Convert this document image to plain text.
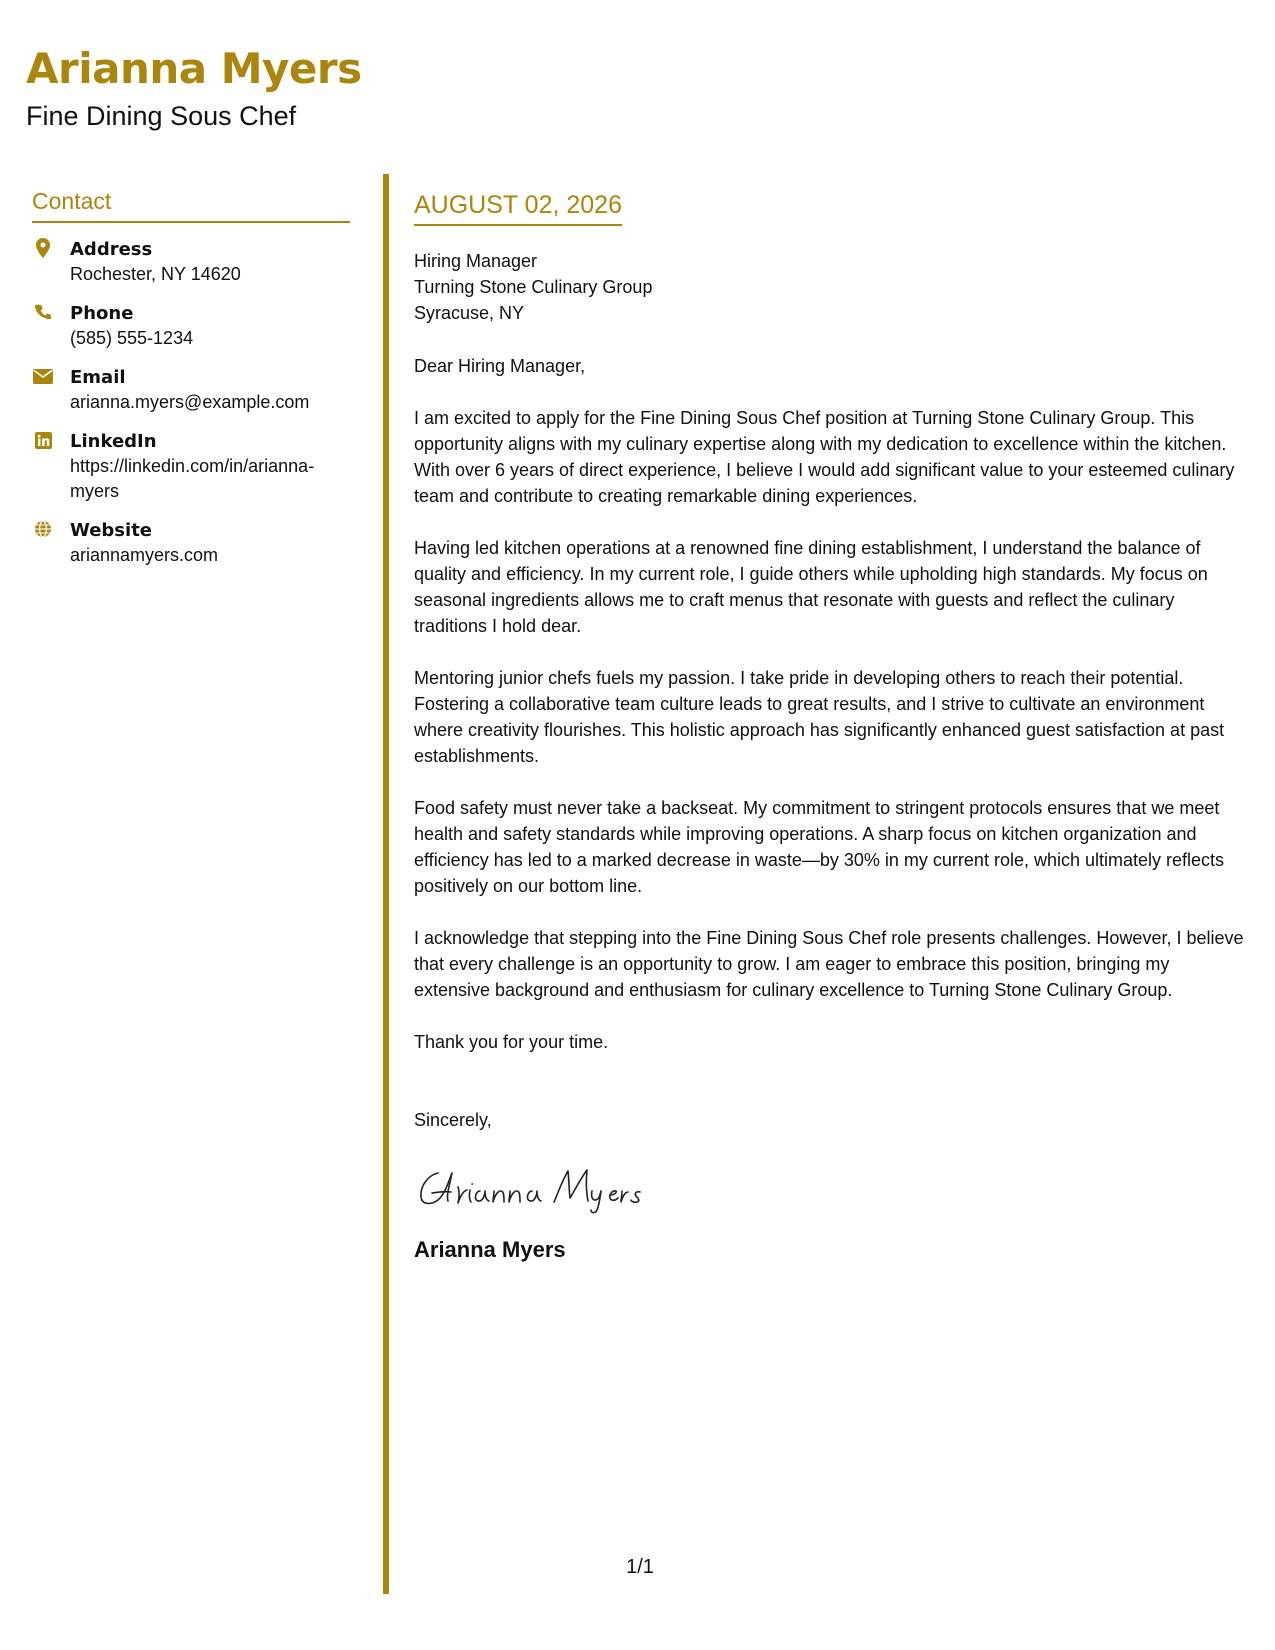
Arianna Myers
Fine Dining Sous Chef
Contact
Address
Rochester, NY 14620
Phone
(585) 555-1234
Email
arianna.myers@example.com
LinkedIn
https://linkedin.com/in/arianna-myers
Website
ariannamyers.com
AUGUST 02, 2026
Hiring Manager
Turning Stone Culinary Group
Syracuse, NY

Dear Hiring Manager,

I am excited to apply for the Fine Dining Sous Chef position at Turning Stone Culinary Group. This opportunity aligns with my culinary expertise along with my dedication to excellence within the kitchen. With over 6 years of direct experience, I believe I would add significant value to your esteemed culinary team and contribute to creating remarkable dining experiences.

Having led kitchen operations at a renowned fine dining establishment, I understand the balance of quality and efficiency. In my current role, I guide others while upholding high standards. My focus on seasonal ingredients allows me to craft menus that resonate with guests and reflect the culinary traditions I hold dear.

Mentoring junior chefs fuels my passion. I take pride in developing others to reach their potential. Fostering a collaborative team culture leads to great results, and I strive to cultivate an environment where creativity flourishes. This holistic approach has significantly enhanced guest satisfaction at past establishments.

Food safety must never take a backseat. My commitment to stringent protocols ensures that we meet health and safety standards while improving operations. A sharp focus on kitchen organization and efficiency has led to a marked decrease in waste—by 30% in my current role, which ultimately reflects positively on our bottom line.

I acknowledge that stepping into the Fine Dining Sous Chef role presents challenges. However, I believe that every challenge is an opportunity to grow. I am eager to embrace this position, bringing my extensive background and enthusiasm for culinary excellence to Turning Stone Culinary Group.

Thank you for your time.

Sincerely,

Arianna Myers
1/1
